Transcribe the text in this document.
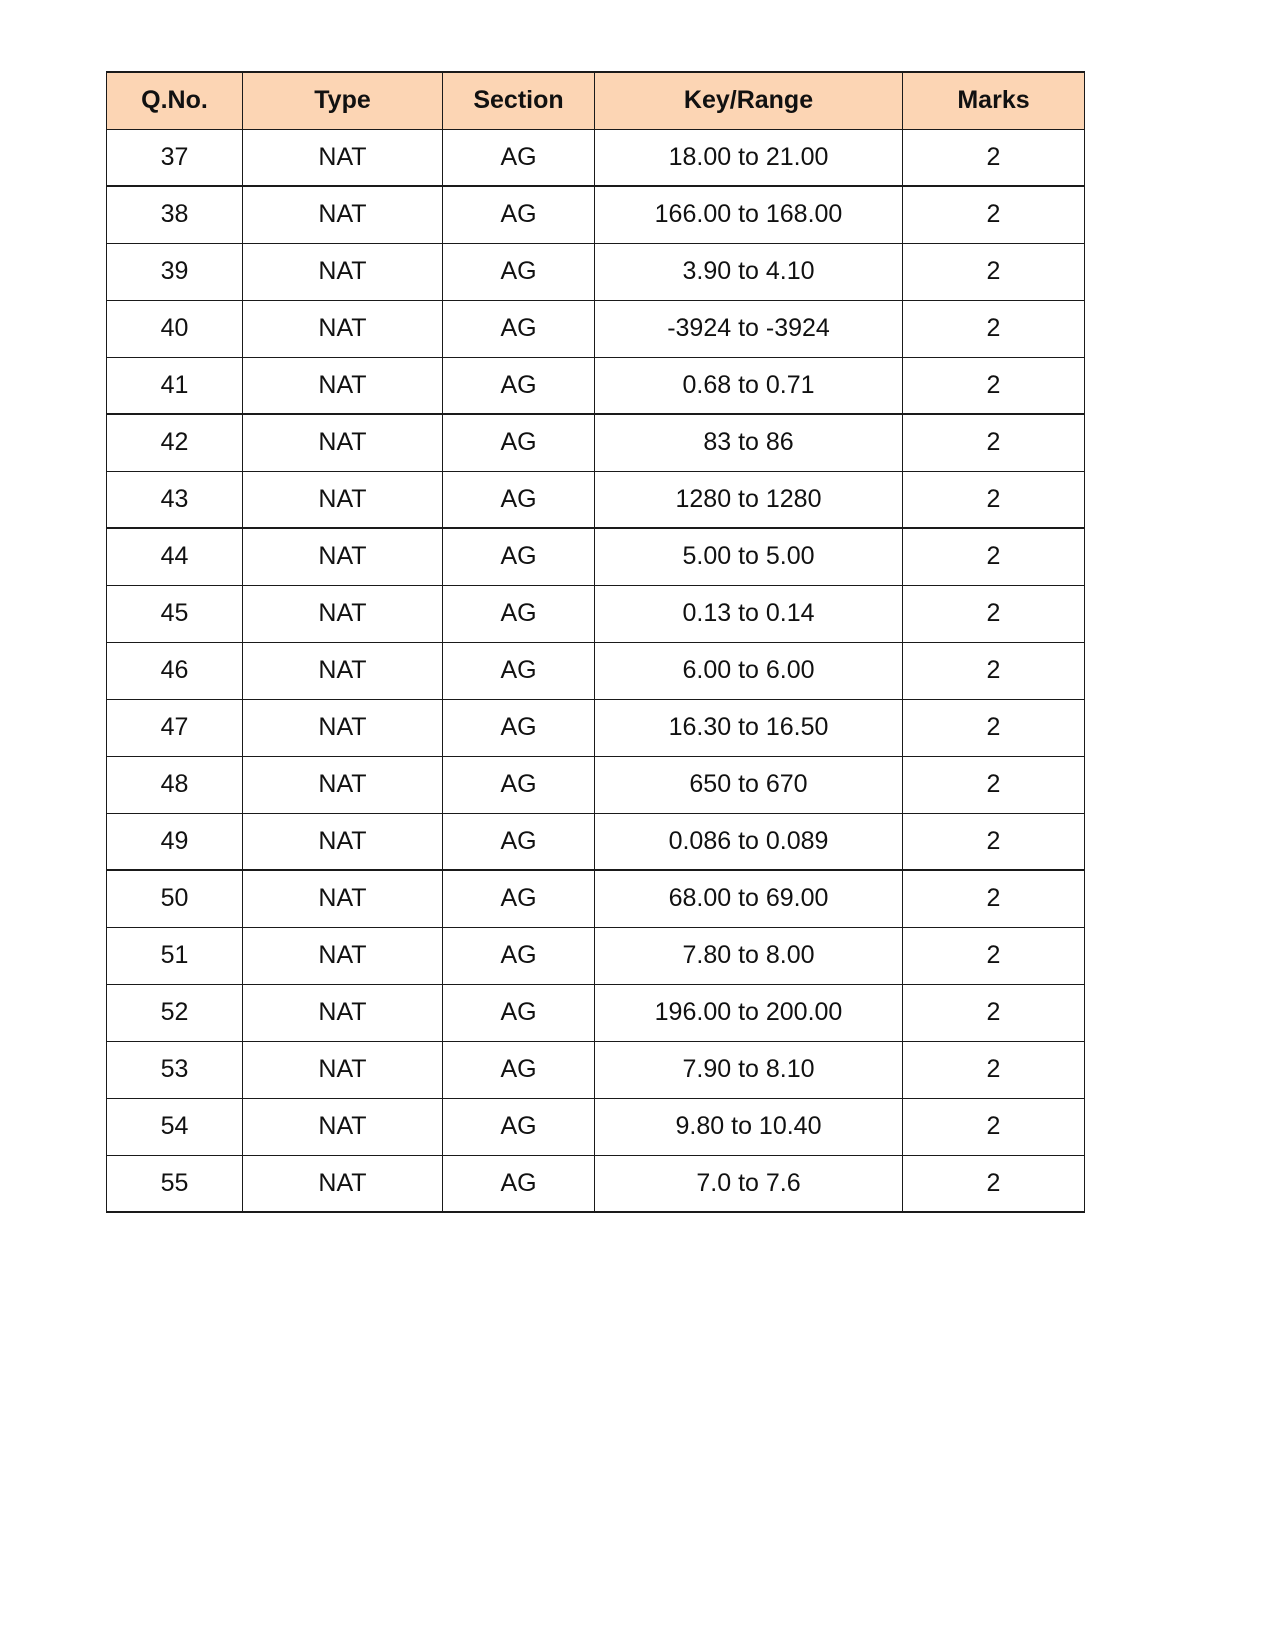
Q.No.	Type	Section	Key/Range	Marks
37	NAT	AG	18.00 to 21.00	2
38	NAT	AG	166.00 to 168.00	2
39	NAT	AG	3.90 to 4.10	2
40	NAT	AG	-3924 to -3924	2
41	NAT	AG	0.68 to 0.71	2
42	NAT	AG	83 to 86	2
43	NAT	AG	1280 to 1280	2
44	NAT	AG	5.00 to 5.00	2
45	NAT	AG	0.13 to 0.14	2
46	NAT	AG	6.00 to 6.00	2
47	NAT	AG	16.30 to 16.50	2
48	NAT	AG	650 to 670	2
49	NAT	AG	0.086 to 0.089	2
50	NAT	AG	68.00 to 69.00	2
51	NAT	AG	7.80 to 8.00	2
52	NAT	AG	196.00 to 200.00	2
53	NAT	AG	7.90 to 8.10	2
54	NAT	AG	9.80 to 10.40	2
55	NAT	AG	7.0 to 7.6	2
